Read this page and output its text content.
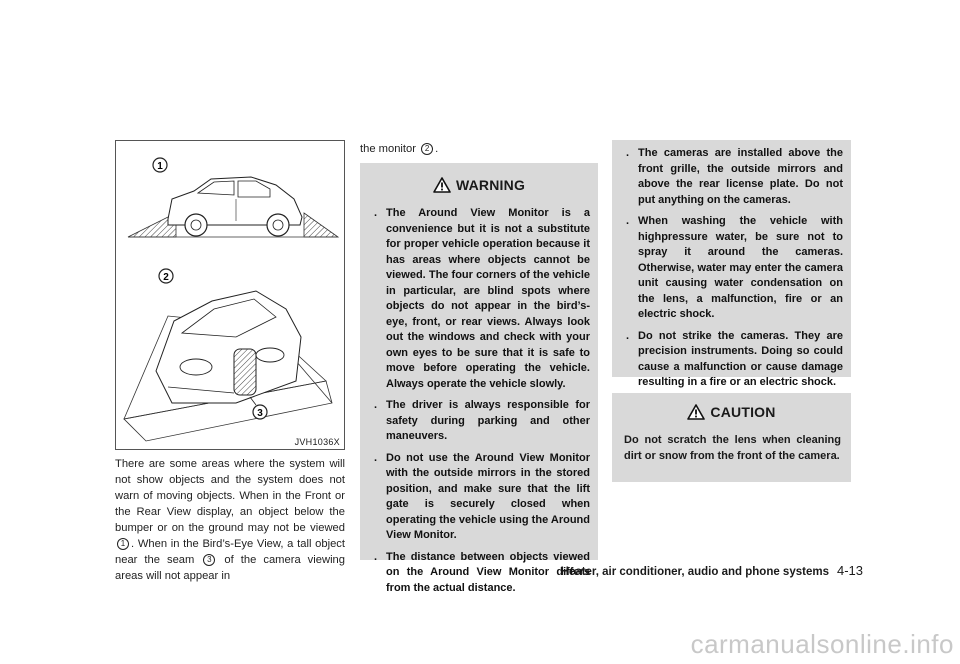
1
2
3
JVH1036X
There are some areas where the system will not show objects and the system does not warn of moving objects. When in the Front or the Rear View display, an object below the bumper or on the ground may not be viewed 1 . When in the Bird’s-Eye View, a tall object near the seam 3 of the camera viewing areas will not appear in
the monitor 2 .
WARNING
. The Around View Monitor is a convenience but it is not a substitute for proper vehicle operation because it has areas where objects cannot be viewed. The four corners of the vehicle in particular, are blind spots where objects do not appear in the bird’s-eye, front, or rear views. Always look out the windows and check with your own eyes to be sure that it is safe to move before operating the vehicle. Always operate the vehicle slowly.
. The driver is always responsible for safety during parking and other maneuvers.
. Do not use the Around View Monitor with the outside mirrors in the stored position, and make sure that the lift gate is securely closed when operating the vehicle using the Around View Monitor.
. The distance between objects viewed on the Around View Monitor differs from the actual distance.
. The cameras are installed above the front grille, the outside mirrors and above the rear license plate. Do not put anything on the cameras.
. When washing the vehicle with highpressure water, be sure not to spray it around the cameras. Otherwise, water may enter the camera unit causing water condensation on the lens, a malfunction, fire or an electric shock.
. Do not strike the cameras. They are precision instruments. Doing so could cause a malfunction or cause damage resulting in a fire or an electric shock.
CAUTION
Do not scratch the lens when cleaning dirt or snow from the front of the camera.
Heater, air conditioner, audio and phone systems 4-13
carmanualsonline.info
